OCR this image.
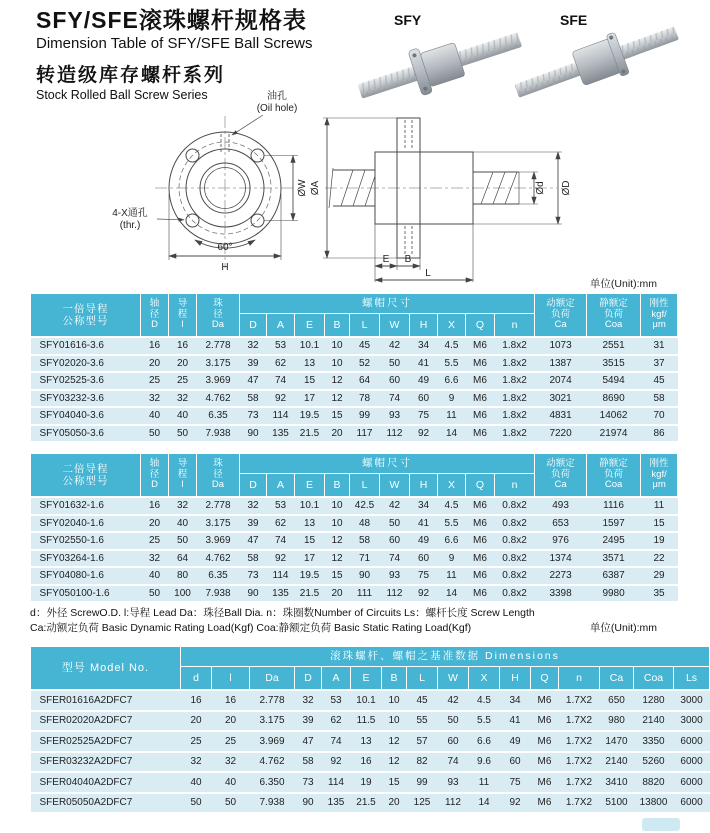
SFY/SFE滚珠螺杆规格表
Dimension Table of SFY/SFE Ball Screws
转造级库存螺杆系列
Stock Rolled Ball Screw Series
SFY	SFE
油孔
(Oil hole)
4-X通孔
(thr.)
60°
H
ØW ØA	Ød ØD
E B
L
单位(Unit):mm
一倍导程
公称型号	轴
径
D	导
程
l	珠
径
Da	螺帽尺寸										动额定
负荷
Ca	静额定
负荷
Coa	刚性
kgf/
μm
				D	A	E	B	L	W	H	X	Q	n			
SFY01616-3.6	16	16	2.778	32	53	10.1	10	45	42	34	4.5	M6	1.8x2	1073	2551	31
SFY02020-3.6	20	20	3.175	39	62	13	10	52	50	41	5.5	M6	1.8x2	1387	3515	37
SFY02525-3.6	25	25	3.969	47	74	15	12	64	60	49	6.6	M6	1.8x2	2074	5494	45
SFY03232-3.6	32	32	4.762	58	92	17	12	78	74	60	9	M6	1.8x2	3021	8690	58
SFY04040-3.6	40	40	6.35	73	114	19.5	15	99	93	75	11	M6	1.8x2	4831	14062	70
SFY05050-3.6	50	50	7.938	90	135	21.5	20	117	112	92	14	M6	1.8x2	7220	21974	86
二倍导程
公称型号	轴
径
D	导
程
l	珠
径
Da	螺帽尺寸										动额定
负荷
Ca	静额定
负荷
Coa	刚性
kgf/
μm
				D	A	E	B	L	W	H	X	Q	n			
SFY01632-1.6	16	32	2.778	32	53	10.1	10	42.5	42	34	4.5	M6	0.8x2	493	1116	11
SFY02040-1.6	20	40	3.175	39	62	13	10	48	50	41	5.5	M6	0.8x2	653	1597	15
SFY02550-1.6	25	50	3.969	47	74	15	12	58	60	49	6.6	M6	0.8x2	976	2495	19
SFY03264-1.6	32	64	4.762	58	92	17	12	71	74	60	9	M6	0.8x2	1374	3571	22
SFY04080-1.6	40	80	6.35	73	114	19.5	15	90	93	75	11	M6	0.8x2	2273	6387	29
SFY050100-1.6	50	100	7.938	90	135	21.5	20	111	112	92	14	M6	0.8x2	3398	9980	35
d：外径 ScrewO.D. l:导程 Lead Da：珠径Ball Dia. n：珠圈数Number of Circuits Ls：螺杆长度 Screw Length
Ca:动额定负荷 Basic Dynamic Rating Load(Kgf) Coa:静额定负荷 Basic Static Rating Load(Kgf)	单位(Unit):mm
型号 Model No.	滚珠螺杆、螺帽之基准数据 Dimensions															
	d	l	Da	D	A	E	B	L	W	X	H	Q	n	Ca	Coa	Ls
SFER01616A2DFC7	16	16	2.778	32	53	10.1	10	45	42	4.5	34	M6	1.7X2	650	1280	3000
SFER02020A2DFC7	20	20	3.175	39	62	11.5	10	55	50	5.5	41	M6	1.7X2	980	2140	3000
SFER02525A2DFC7	25	25	3.969	47	74	13	12	57	60	6.6	49	M6	1.7X2	1470	3350	6000
SFER03232A2DFC7	32	32	4.762	58	92	16	12	82	74	9.6	60	M6	1.7X2	2140	5260	6000
SFER04040A2DFC7	40	40	6.350	73	114	19	15	99	93	11	75	M6	1.7X2	3410	8820	6000
SFER05050A2DFC7	50	50	7.938	90	135	21.5	20	125	112	14	92	M6	1.7X2	5100	13800	6000
